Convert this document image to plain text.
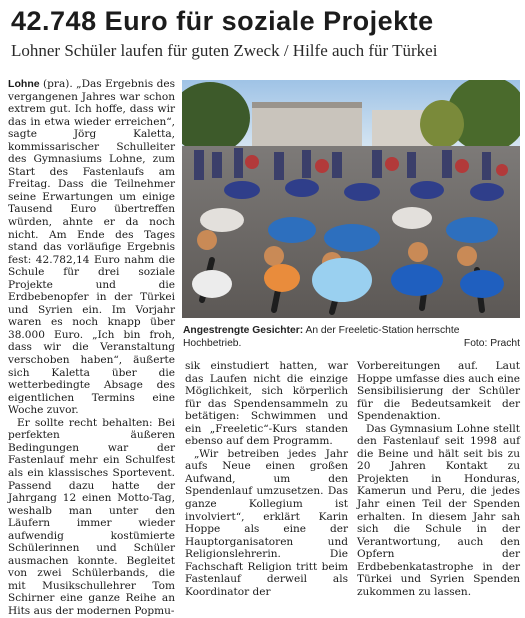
42.748 Euro für soziale Projekte
Lohner Schüler laufen für guten Zweck / Hilfe auch für Türkei

Lohne (pra). „Das Ergebnis des vergangenen Jahres war schon extrem gut. Ich hoffe, dass wir das in etwa wieder erreichen“, sagte Jörg Kaletta, kommissarischer Schulleiter des Gymnasiums Lohne, zum Start des Fastenlaufs am Freitag. Dass die Teilnehmer seine Erwartungen um einige Tausend Euro übertreffen würden, ahnte er da noch nicht. Am Ende des Tages stand das vorläufige Ergebnis fest: 42.782,14 Euro nahm die Schule für drei soziale Projekte und die Erdbebenopfer in der Türkei und Syrien ein. Im Vorjahr waren es noch knapp über 38.000 Euro. „Ich bin froh, dass wir die Veranstaltung verschoben haben“, äußerte sich Kaletta über die wetterbedingte Absage des eigentlichen Termins eine Woche zuvor.

Er sollte recht behalten: Bei perfekten äußeren Bedingungen war der Fastenlauf mehr ein Schulfest als ein klassisches Sportevent. Passend dazu hatte der Jahrgang 12 einen Motto-Tag, weshalb man unter den Läufern immer wieder aufwendig kostümierte Schülerinnen und Schüler ausmachen konnte. Begleitet von zwei Schülerbands, die mit Musikschullehrer Tom Schirner eine ganze Reihe an Hits aus der modernen Popmu-

Angestrengte Gesichter: An der Freeletic-Station herrschte Hochbetrieb.	Foto: Pracht

sik einstudiert hatten, war das Laufen nicht die einzige Möglichkeit, sich körperlich für das Spendensammeln zu betätigen: Schwimmen und ein „Freeletic“-Kurs standen ebenso auf dem Programm.

„Wir betreiben jedes Jahr aufs Neue einen großen Aufwand, um den Spendenlauf umzusetzen. Das ganze Kollegium ist involviert“, erklärt Karin Hoppe als eine der Hauptorganisatoren und Religionslehrerin. Die Fachschaft Religion tritt beim Fastenlauf derweil als Koordinator der

Vorbereitungen auf. Laut Hoppe umfasse dies auch eine Sensibilisierung der Schüler für die Bedeutsamkeit der Spendenaktion.

Das Gymnasium Lohne stellt den Fastenlauf seit 1998 auf die Beine und hält seit bis zu 20 Jahren Kontakt zu Projekten in Honduras, Kamerun und Peru, die jedes Jahr einen Teil der Spenden erhalten. In diesem Jahr sah sich die Schule in der Verantwortung, auch den Opfern der Erdbebenkatastrophe in der Türkei und Syrien Spenden zukommen zu lassen.
